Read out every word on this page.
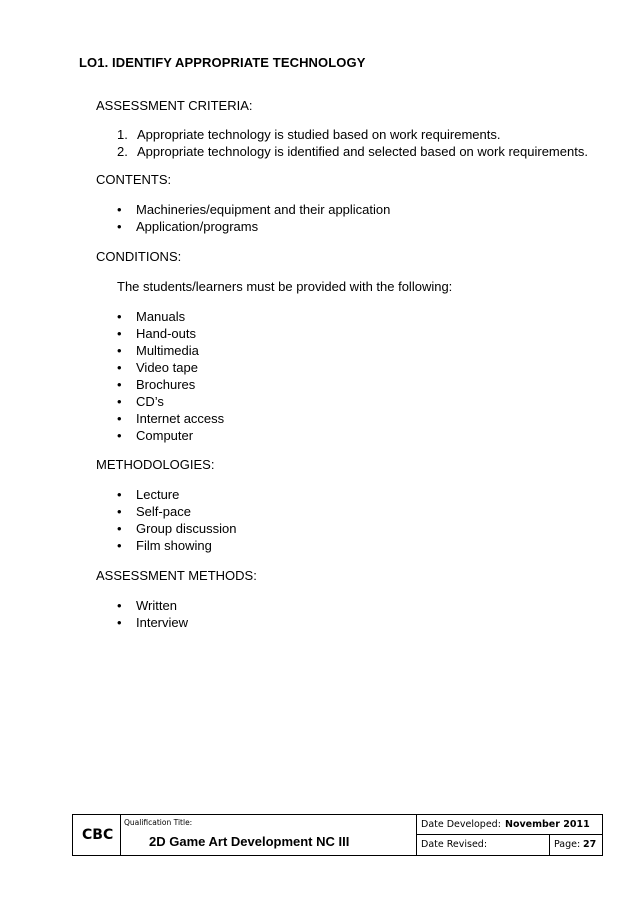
LO1. IDENTIFY APPROPRIATE TECHNOLOGY
ASSESSMENT CRITERIA:
1. Appropriate technology is studied based on work requirements.
2. Appropriate technology is identified and selected based on work requirements.
CONTENTS:
• Machineries/equipment and their application
• Application/programs
CONDITIONS:
The students/learners must be provided with the following:
• Manuals
• Hand-outs
• Multimedia
• Video tape
• Brochures
• CD’s
• Internet access
• Computer
METHODOLOGIES:
• Lecture
• Self-pace
• Group discussion
• Film showing
ASSESSMENT METHODS:
• Written
• Interview
CBC
Qualification Title:
2D Game Art Development NC III
Date Developed: November 2011
Date Revised:	Page: 27
